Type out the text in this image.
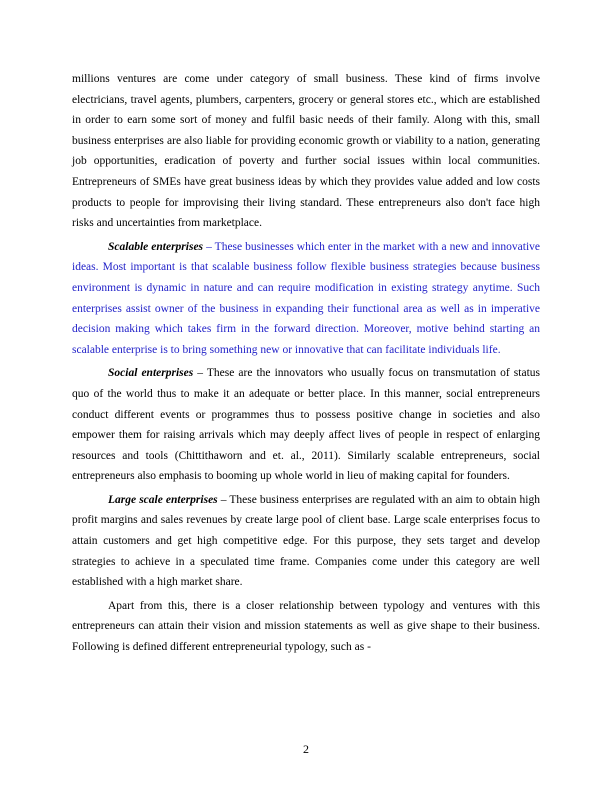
millions ventures are come under category of small business. These kind of firms involve electricians, travel agents, plumbers, carpenters, grocery or general stores etc., which are established in order to earn some sort of money and fulfil basic needs of their family. Along with this, small business enterprises are also liable for providing economic growth or viability to a nation, generating job opportunities, eradication of poverty and further social issues within local communities. Entrepreneurs of SMEs have great business ideas by which they provides value added and low costs products to people for improvising their living standard. These entrepreneurs also don't face high risks and uncertainties from marketplace.

Scalable enterprises – These businesses which enter in the market with a new and innovative ideas. Most important is that scalable business follow flexible business strategies because business environment is dynamic in nature and can require modification in existing strategy anytime. Such enterprises assist owner of the business in expanding their functional area as well as in imperative decision making which takes firm in the forward direction. Moreover, motive behind starting an scalable enterprise is to bring something new or innovative that can facilitate individuals life.

Social enterprises – These are the innovators who usually focus on transmutation of status quo of the world thus to make it an adequate or better place. In this manner, social entrepreneurs conduct different events or programmes thus to possess positive change in societies and also empower them for raising arrivals which may deeply affect lives of people in respect of enlarging resources and tools (Chittithaworn and et. al., 2011). Similarly scalable entrepreneurs, social entrepreneurs also emphasis to booming up whole world in lieu of making capital for founders.

Large scale enterprises – These business enterprises are regulated with an aim to obtain high profit margins and sales revenues by create large pool of client base. Large scale enterprises focus to attain customers and get high competitive edge. For this purpose, they sets target and develop strategies to achieve in a speculated time frame. Companies come under this category are well established with a high market share.

Apart from this, there is a closer relationship between typology and ventures with this entrepreneurs can attain their vision and mission statements as well as give shape to their business. Following is defined different entrepreneurial typology, such as -

2
